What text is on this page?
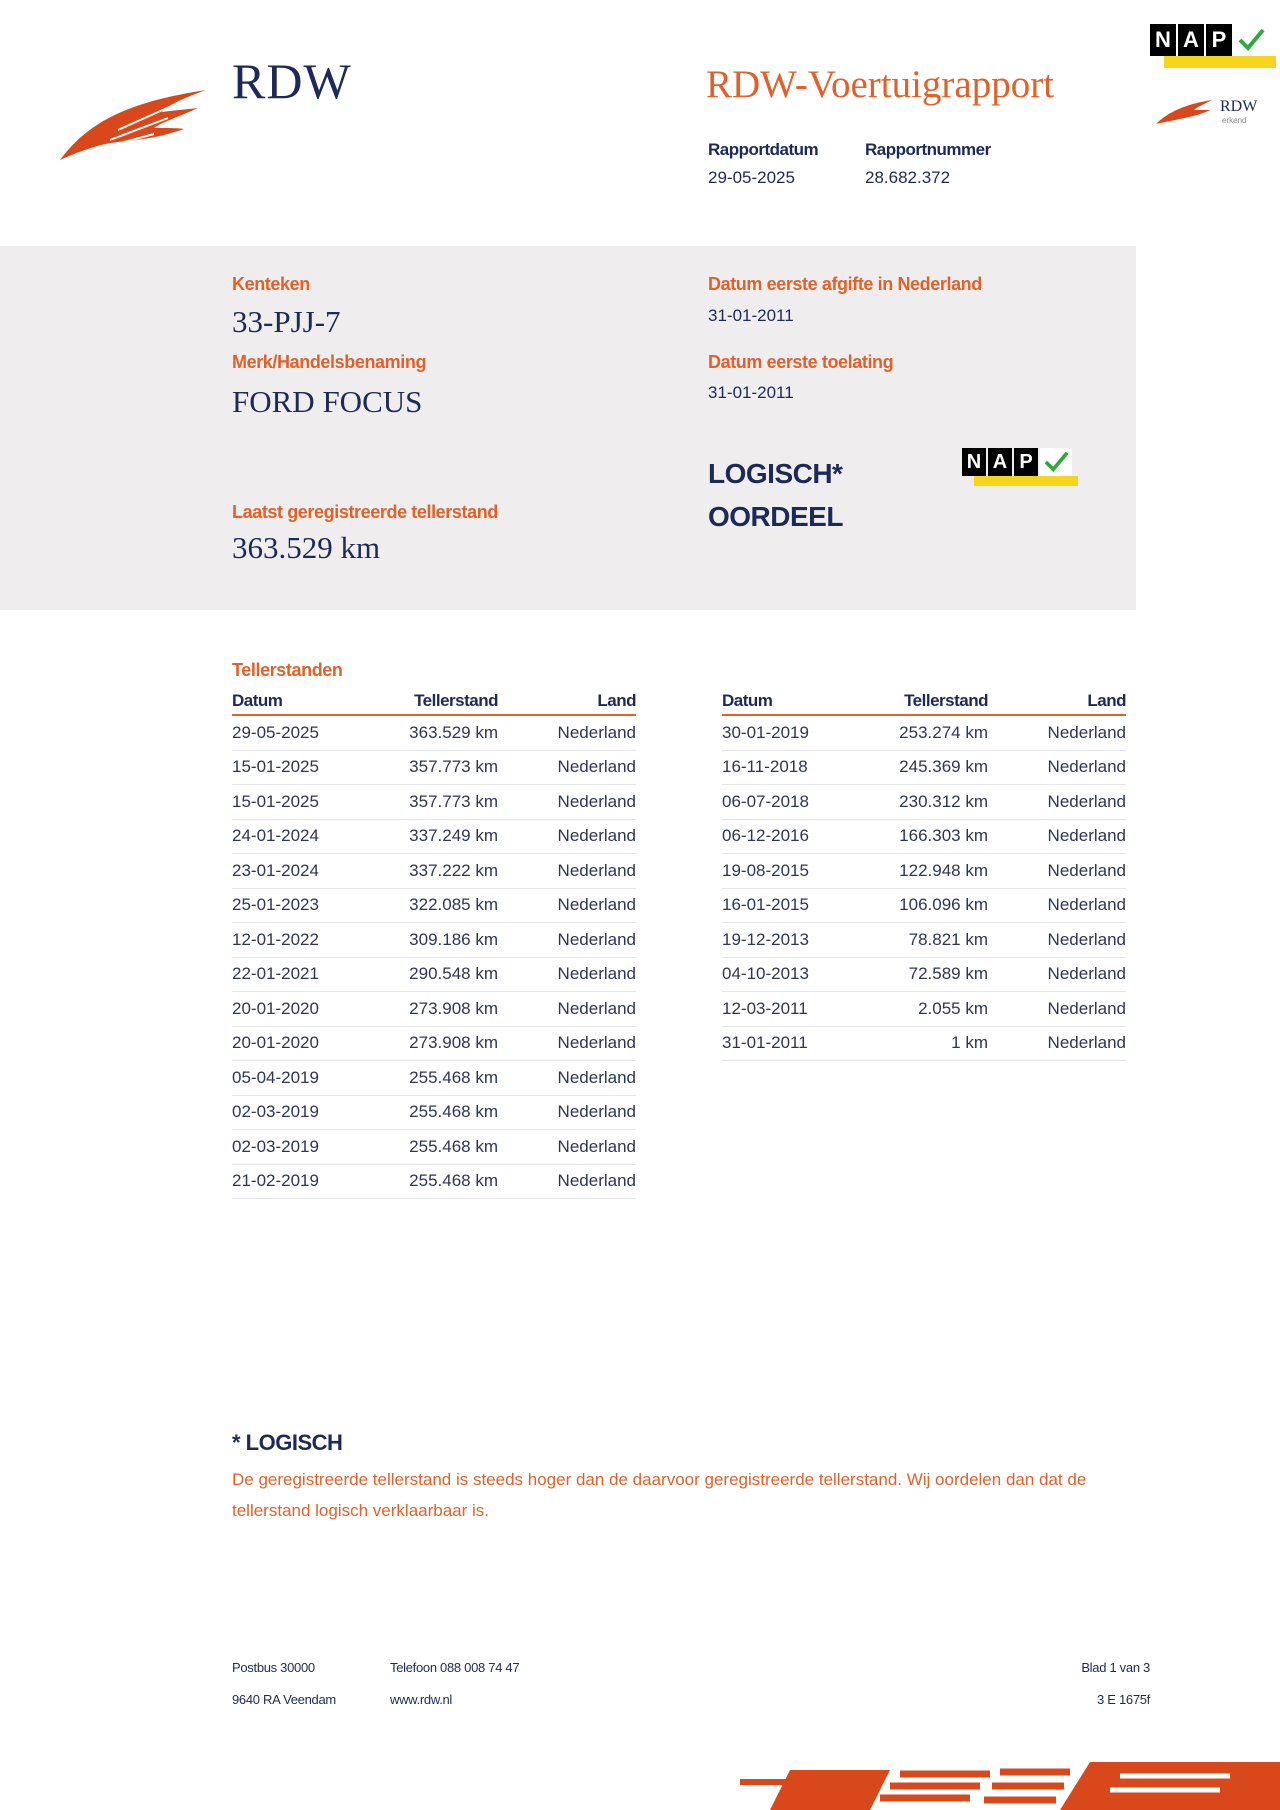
RDW	RDW-Voertuigrapport
Rapportdatum
29-05-2025
Rapportnummer
28.682.372
N A P
RDW
erkend
Kenteken
33-PJJ-7
Merk/Handelsbenaming
FORD FOCUS
Datum eerste afgifte in Nederland
31-01-2011
Datum eerste toelating
31-01-2011
Laatst geregistreerde tellerstand
363.529 km
LOGISCH*
OORDEEL
N A P
Tellerstanden
Datum	Tellerstand	Land
29-05-2025	363.529 km	Nederland
15-01-2025	357.773 km	Nederland
15-01-2025	357.773 km	Nederland
24-01-2024	337.249 km	Nederland
23-01-2024	337.222 km	Nederland
25-01-2023	322.085 km	Nederland
12-01-2022	309.186 km	Nederland
22-01-2021	290.548 km	Nederland
20-01-2020	273.908 km	Nederland
20-01-2020	273.908 km	Nederland
05-04-2019	255.468 km	Nederland
02-03-2019	255.468 km	Nederland
02-03-2019	255.468 km	Nederland
21-02-2019	255.468 km	Nederland
Datum	Tellerstand	Land
30-01-2019	253.274 km	Nederland
16-11-2018	245.369 km	Nederland
06-07-2018	230.312 km	Nederland
06-12-2016	166.303 km	Nederland
19-08-2015	122.948 km	Nederland
16-01-2015	106.096 km	Nederland
19-12-2013	78.821 km	Nederland
04-10-2013	72.589 km	Nederland
12-03-2011	2.055 km	Nederland
31-01-2011	1 km	Nederland
* LOGISCH
De geregistreerde tellerstand is steeds hoger dan de daarvoor geregistreerde tellerstand. Wij oordelen dan dat de tellerstand logisch verklaarbaar is.
Postbus 30000
9640 RA Veendam
Telefoon 088 008 74 47
www.rdw.nl
Blad 1 van 3
3 E 1675f
